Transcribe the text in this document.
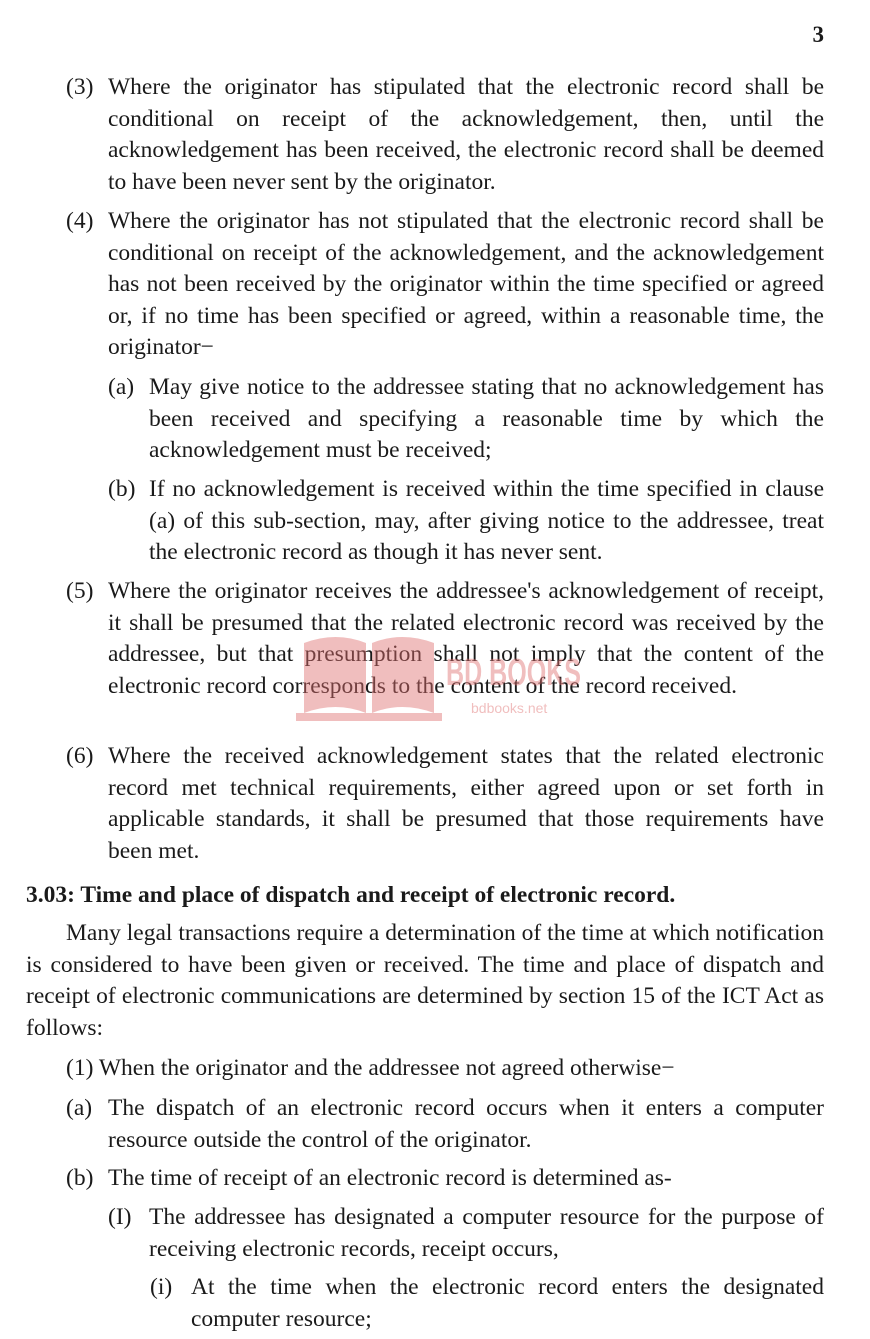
3
(3) Where the originator has stipulated that the electronic record shall be conditional on receipt of the acknowledgement, then, until the acknowledgement has been received, the electronic record shall be deemed to have been never sent by the originator.
(4) Where the originator has not stipulated that the electronic record shall be conditional on receipt of the acknowledgement, and the acknowledgement has not been received by the originator within the time specified or agreed or, if no time has been specified or agreed, within a reasonable time, the originator−
(a) May give notice to the addressee stating that no acknowledgement has been received and specifying a reasonable time by which the acknowledgement must be received;
(b) If no acknowledgement is received within the time specified in clause (a) of this sub-section, may, after giving notice to the addressee, treat the electronic record as though it has never sent.
(5) Where the originator receives the addressee's acknowledgement of receipt, it shall be presumed that the related electronic record was received by the addressee, but that presumption shall not imply that the content of the electronic record corresponds to the content of the record received.
(6) Where the received acknowledgement states that the related electronic record met technical requirements, either agreed upon or set forth in applicable standards, it shall be presumed that those requirements have been met.
3.03: Time and place of dispatch and receipt of electronic record.
Many legal transactions require a determination of the time at which notification is considered to have been given or received. The time and place of dispatch and receipt of electronic communications are determined by section 15 of the ICT Act as follows:
(1) When the originator and the addressee not agreed otherwise−
(a) The dispatch of an electronic record occurs when it enters a computer resource outside the control of the originator.
(b) The time of receipt of an electronic record is determined as-
(I) The addressee has designated a computer resource for the purpose of receiving electronic records, receipt occurs,
(i) At the time when the electronic record enters the designated computer resource;
BD BOOKS
bdbooks.net
